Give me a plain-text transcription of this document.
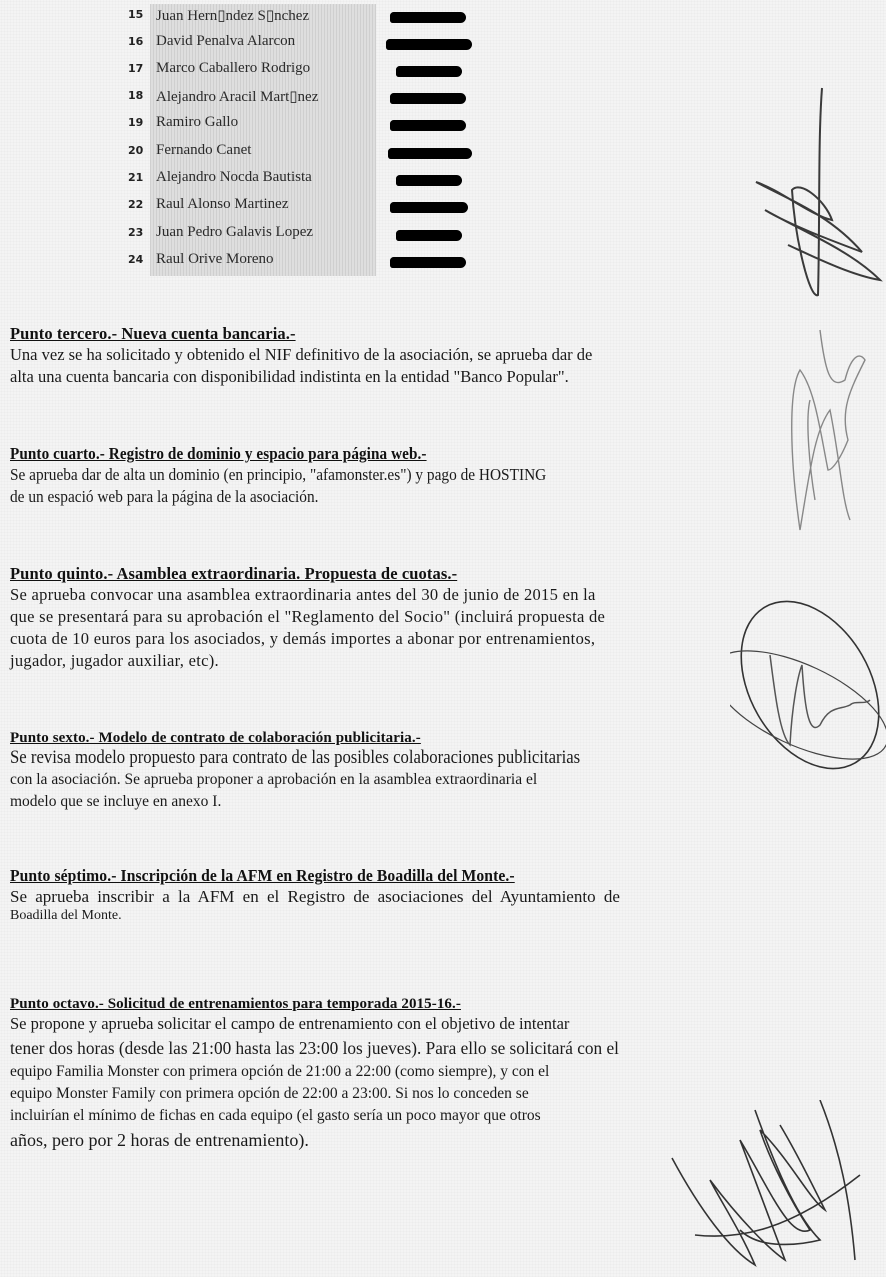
15 Juan Hern▯ndez S▯nchez
16 David Penalva Alarcon
17 Marco Caballero Rodrigo
18 Alejandro Aracil Mart▯nez
19 Ramiro Gallo
20 Fernando Canet
21 Alejandro Nocda Bautista
22 Raul Alonso Martinez
23 Juan Pedro Galavis Lopez
24 Raul Orive Moreno
Punto tercero.- Nueva cuenta bancaria.-
Una vez se ha solicitado y obtenido el NIF definitivo de la asociación, se aprueba dar de
alta una cuenta bancaria con disponibilidad indistinta en la entidad "Banco Popular".
Punto cuarto.- Registro de dominio y espacio para página web.-
Se aprueba dar de alta un dominio (en principio, "afamonster.es") y pago de HOSTING
de un espació web para la página de la asociación.
Punto quinto.- Asamblea extraordinaria. Propuesta de cuotas.-
Se aprueba convocar una asamblea extraordinaria antes del 30 de junio de 2015 en la
que se presentará para su aprobación el "Reglamento del Socio" (incluirá propuesta de
cuota de 10 euros para los asociados, y demás importes a abonar por entrenamientos,
jugador, jugador auxiliar, etc).
Punto sexto.- Modelo de contrato de colaboración publicitaria.-
Se revisa modelo propuesto para contrato de las posibles colaboraciones publicitarias
con la asociación. Se aprueba proponer a aprobación en la asamblea extraordinaria el
modelo que se incluye en anexo I.
Punto séptimo.- Inscripción de la AFM en Registro de Boadilla del Monte.-
Se aprueba inscribir a la AFM en el Registro de asociaciones del Ayuntamiento de
Boadilla del Monte.
Punto octavo.- Solicitud de entrenamientos para temporada 2015-16.-
Se propone y aprueba solicitar el campo de entrenamiento con el objetivo de intentar
tener dos horas (desde las 21:00 hasta las 23:00 los jueves). Para ello se solicitará con el
equipo Familia Monster con primera opción de 21:00 a 22:00 (como siempre), y con el
equipo Monster Family con primera opción de 22:00 a 23:00. Si nos lo conceden se
incluirían el mínimo de fichas en cada equipo (el gasto sería un poco mayor que otros
años, pero por 2 horas de entrenamiento).
